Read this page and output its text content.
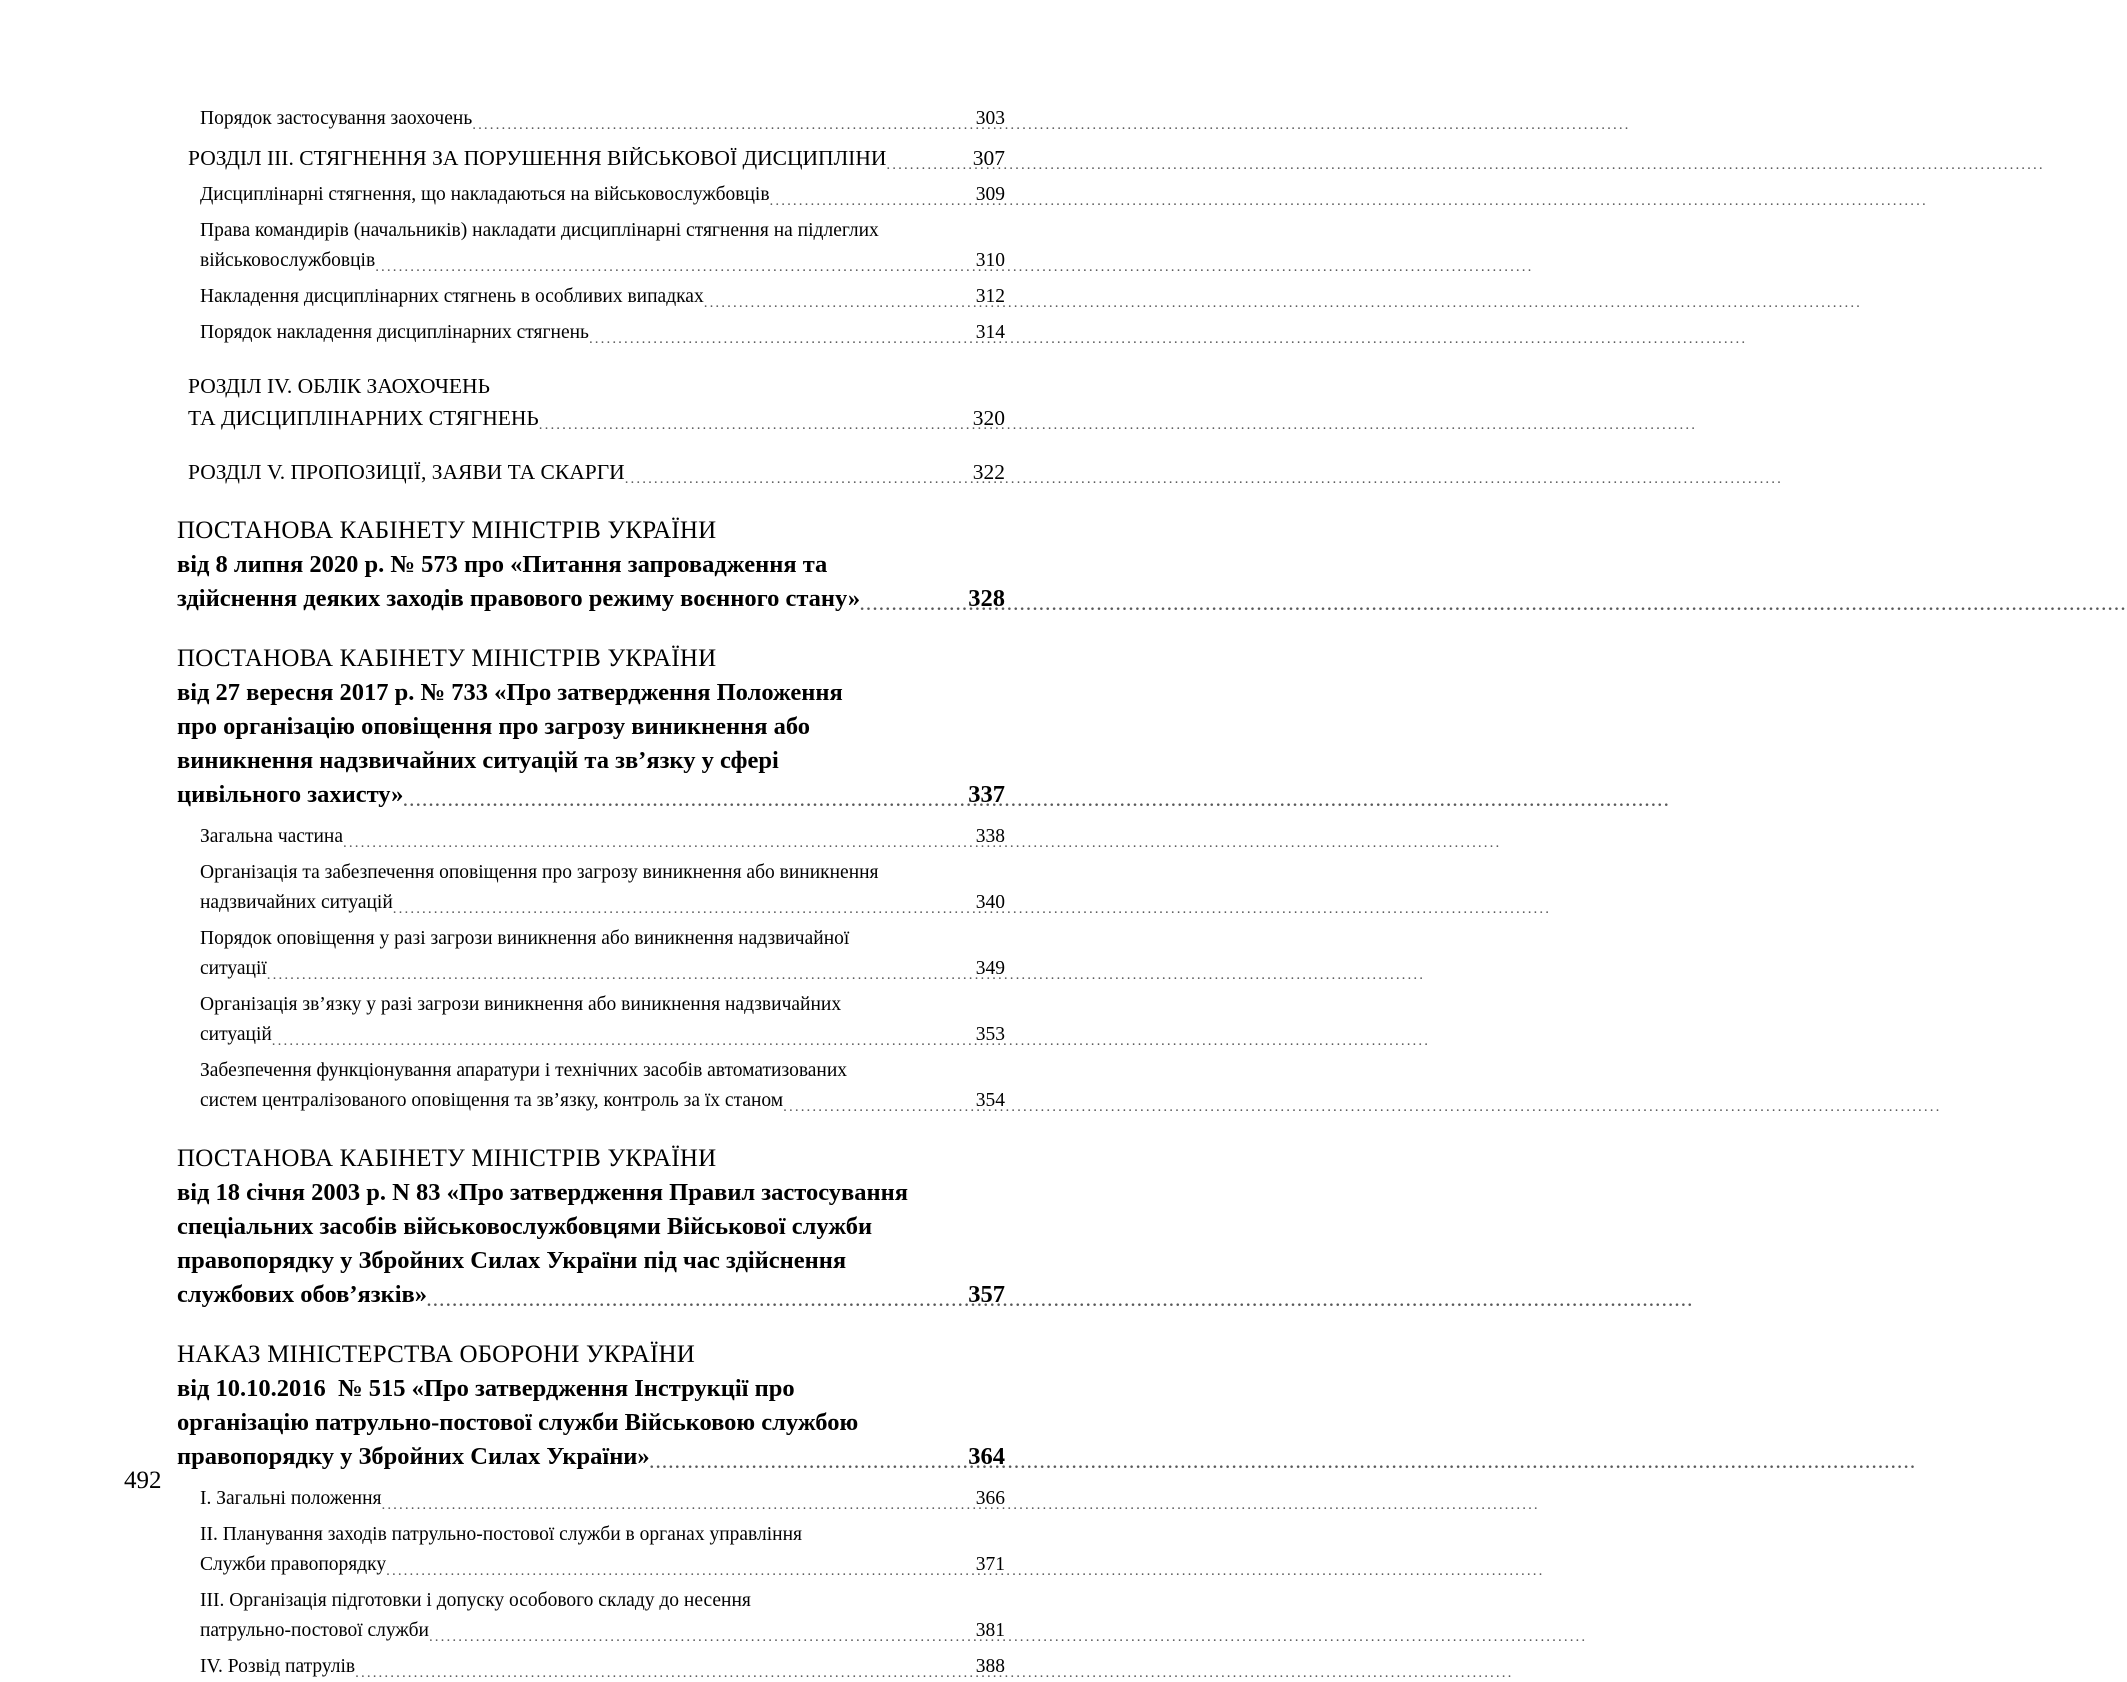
Порядок застосування заохочень .....	303
РОЗДІЛ III. СТЯГНЕННЯ ЗА ПОРУШЕННЯ ВІЙСЬКОВОЇ ДИСЦИПЛІНИ .....	307
Дисциплінарні стягнення, що накладаються на військовослужбовців .....	309
Права командирів (начальників) накладати дисциплінарні стягнення на підлеглих
військовослужбовців .....	310
Накладення дисциплінарних стягнень в особливих випадках .....	312
Порядок накладення дисциплінарних стягнень .....	314
РОЗДІЛ IV. ОБЛІК ЗАОХОЧЕНЬ
ТА ДИСЦИПЛІНАРНИХ СТЯГНЕНЬ .....	320
РОЗДІЛ V. ПРОПОЗИЦІЇ, ЗАЯВИ ТА СКАРГИ .....	322
ПОСТАНОВА КАБІНЕТУ МІНІСТРІВ УКРАЇНИ
від 8 липня 2020 р. № 573 про «Питання запровадження та
здійснення деяких заходів правового режиму воєнного стану» .....	328
ПОСТАНОВА КАБІНЕТУ МІНІСТРІВ УКРАЇНИ
від 27 вересня 2017 р. № 733 «Про затвердження Положення
про організацію оповіщення про загрозу виникнення або
виникнення надзвичайних ситуацій та зв’язку у сфері
цивільного захисту» .....	337
Загальна частина .....	338
Організація та забезпечення оповіщення про загрозу виникнення або виникнення
надзвичайних ситуацій .....	340
Порядок оповіщення у разі загрози виникнення або виникнення надзвичайної
ситуації .....	349
Організація зв’язку у разі загрози виникнення або виникнення надзвичайних
ситуацій .....	353
Забезпечення функціонування апаратури і технічних засобів автоматизованих
систем централізованого оповіщення та зв’язку, контроль за їх станом .....	354
ПОСТАНОВА КАБІНЕТУ МІНІСТРІВ УКРАЇНИ
від 18 січня 2003 р. N 83 «Про затвердження Правил застосування
спеціальних засобів військовослужбовцями Військової служби
правопорядку у Збройних Силах України під час здійснення
службових обов’язків» .....	357
НАКАЗ МІНІСТЕРСТВА ОБОРОНИ УКРАЇНИ
від 10.10.2016  № 515 «Про затвердження Інструкції про
організацію патрульно-постової служби Військовою службою
правопорядку у Збройних Силах України» .....	364
I. Загальні положення .....	366
II. Планування заходів патрульно-постової служби в органах управління
Служби правопорядку .....	371
III. Організація підготовки і допуску особового складу до несення
патрульно-постової служби .....	381
IV. Розвід патрулів .....	388
492
